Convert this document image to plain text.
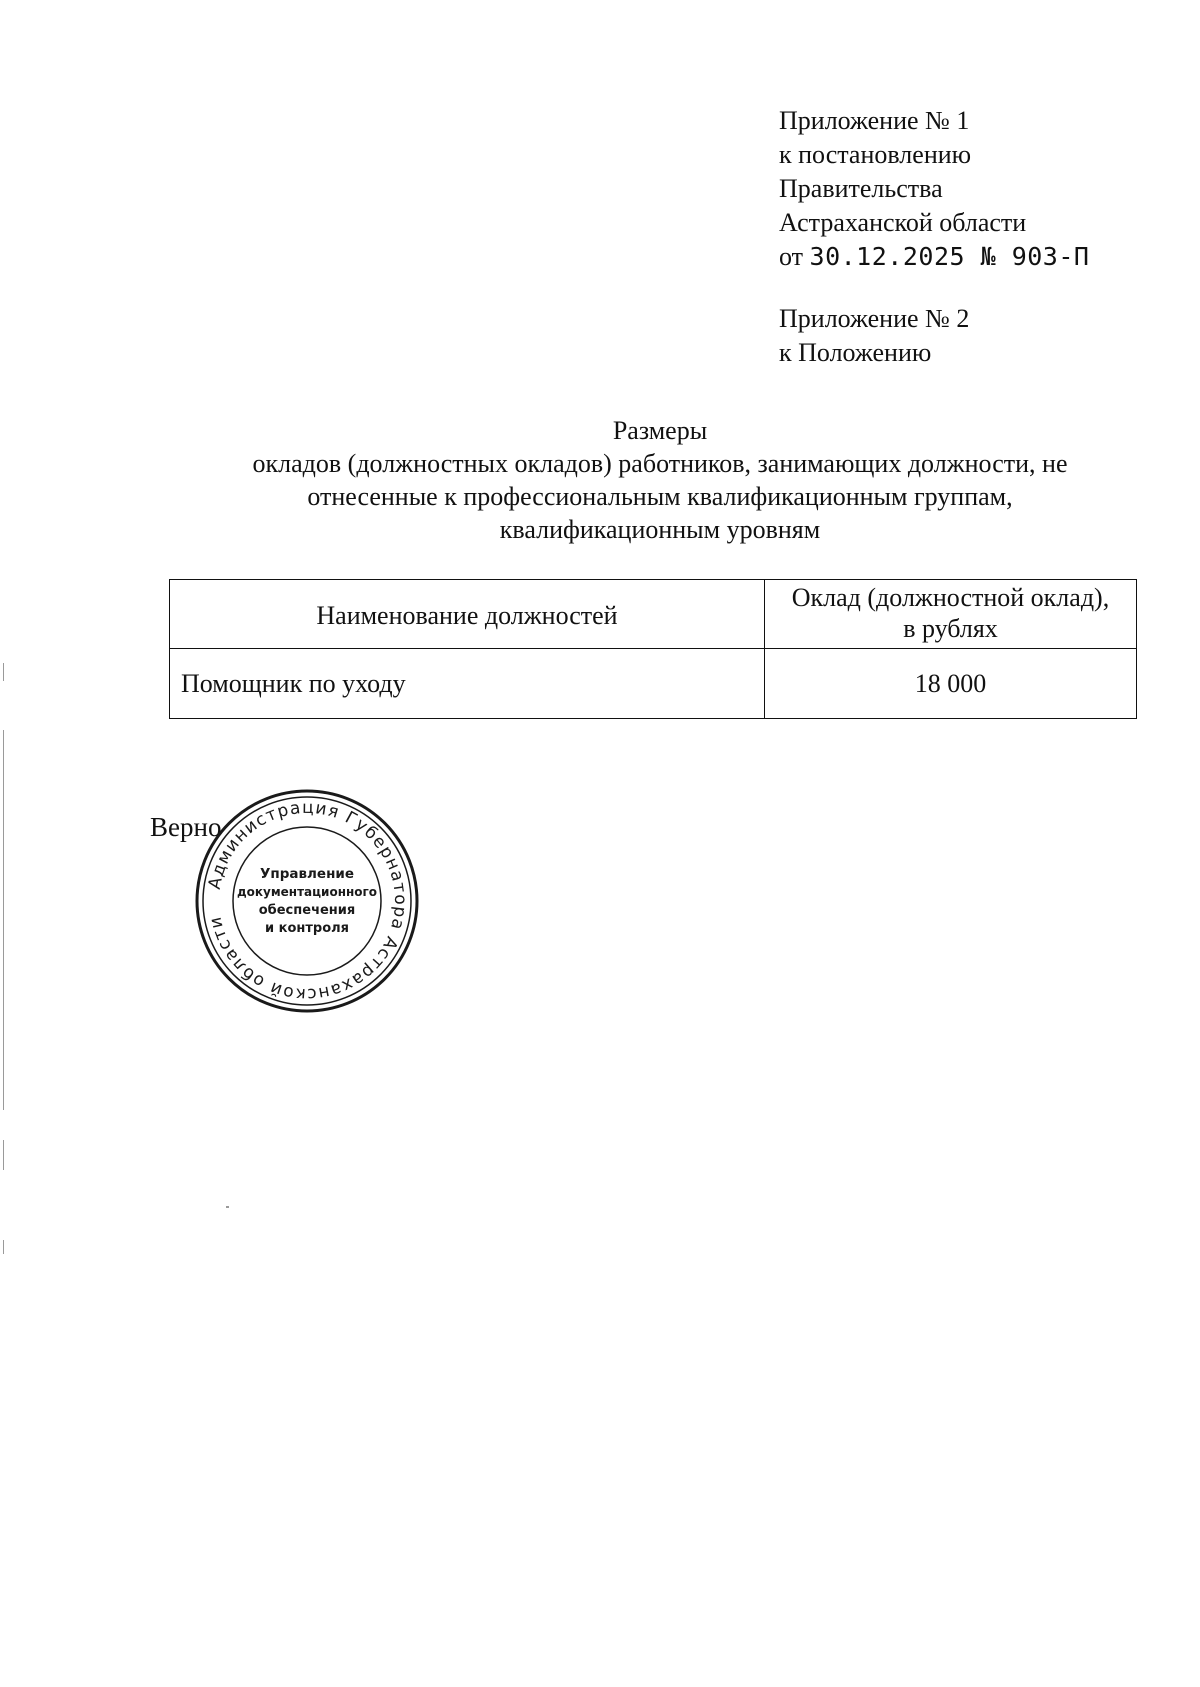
Приложение № 1
к постановлению
Правительства
Астраханской области
от 30.12.2025 № 903-П
Приложение № 2
к Положению
Размеры
окладов (должностных окладов) работников, занимающих должности, не
отнесенные к профессиональным квалификационным группам,
квалификационным уровням
Наименование должностей	Оклад (должностной оклад),
в рублях

Помощник по уходу	18 000
Верно
Администрация Губернатора Астраханской области
Управление
документационного
обеспечения
и контроля
